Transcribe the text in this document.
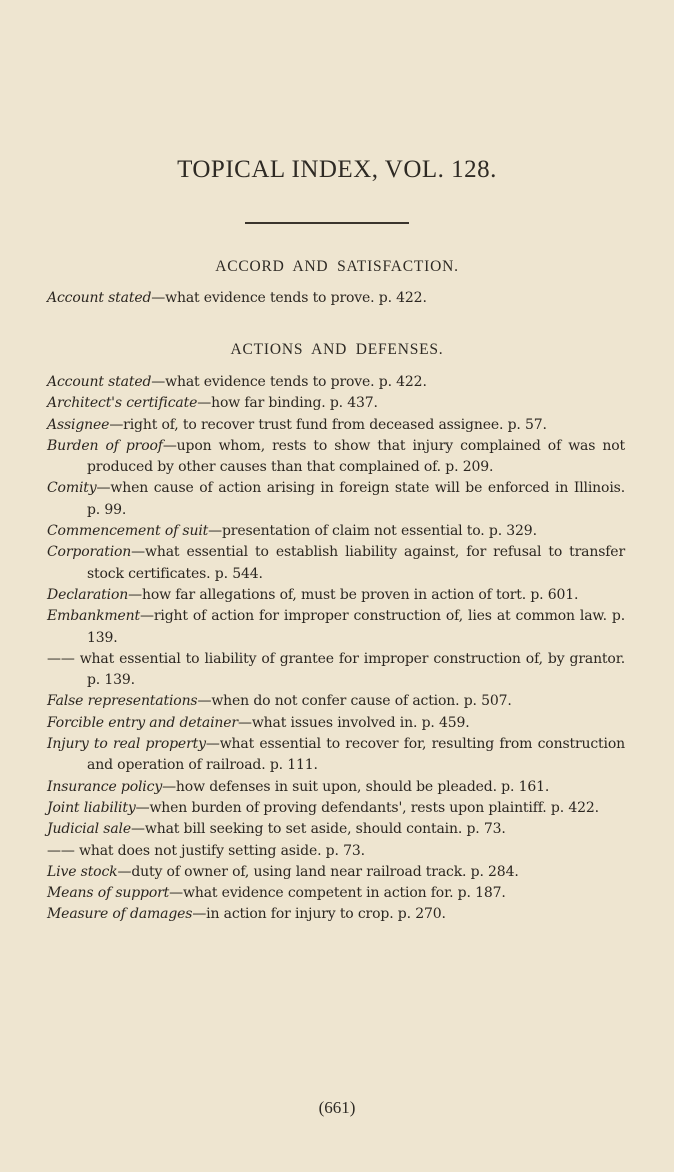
TOPICAL INDEX, VOL. 128.
ACCORD AND SATISFACTION.
Account stated—what evidence tends to prove. p. 422.
ACTIONS AND DEFENSES.
Account stated—what evidence tends to prove. p. 422.
Architect's certificate—how far binding. p. 437.
Assignee—right of, to recover trust fund from deceased assignee. p. 57.
Burden of proof—upon whom, rests to show that injury complained of was not produced by other causes than that complained of. p. 209.
Comity—when cause of action arising in foreign state will be enforced in Illinois. p. 99.
Commencement of suit—presentation of claim not essential to. p. 329.
Corporation—what essential to establish liability against, for refusal to transfer stock certificates. p. 544.
Declaration—how far allegations of, must be proven in action of tort. p. 601.
Embankment—right of action for improper construction of, lies at common law. p. 139.
—— what essential to liability of grantee for improper construction of, by grantor. p. 139.
False representations—when do not confer cause of action. p. 507.
Forcible entry and detainer—what issues involved in. p. 459.
Injury to real property—what essential to recover for, resulting from construction and operation of railroad. p. 111.
Insurance policy—how defenses in suit upon, should be pleaded. p. 161.
Joint liability—when burden of proving defendants', rests upon plaintiff. p. 422.
Judicial sale—what bill seeking to set aside, should contain. p. 73.
—— what does not justify setting aside. p. 73.
Live stock—duty of owner of, using land near railroad track. p. 284.
Means of support—what evidence competent in action for. p. 187.
Measure of damages—in action for injury to crop. p. 270.
(661)
